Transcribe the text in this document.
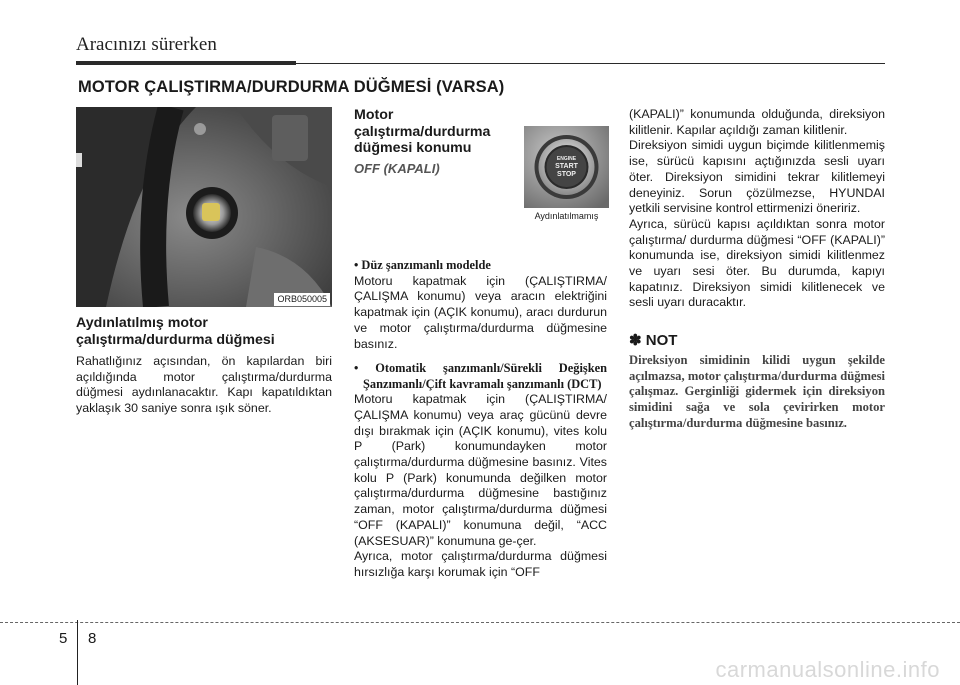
Aracınızı sürerken
MOTOR ÇALIŞTIRMA/DURDURMA DÜĞMESİ (VARSA)
ORB050005
Aydınlatılmış motor
çalıştırma/durdurma düğmesi

Rahatlığınız açısından, ön kapılardan biri açıldığında motor çalıştırma/durdurma düğmesi aydınlanacaktır. Kapı kapatıldıktan yaklaşık 30 saniye sonra ışık söner.

Motor çalıştırma/durdurma
düğmesi konumu
OFF (KAPALI)

• Düz şanzımanlı modelde

Motoru kapatmak için (ÇALIŞTIRMA/ÇALIŞMA konumu) veya aracın elektriğini kapatmak için (AÇIK konumu), aracı durdurun ve motor çalıştırma/durdurma düğmesine basınız.

• Otomatik şanzımanlı/Sürekli Değişken Şanzımanlı/Çift kavramalı şanzımanlı (DCT)

Motoru kapatmak için (ÇALIŞTIRMA/ÇALIŞMA konumu) veya araç gücünü devre dışı bırakmak için (AÇIK konumu), vites kolu P (Park) konumundayken motor çalıştırma/durdurma düğmesine basınız. Vites kolu P (Park) konumunda değilken motor çalıştırma/durdurma düğmesine bastığınız zaman, motor çalıştırma/durdurma düğmesi “OFF (KAPALI)” konumuna değil, “ACC (AKSESUAR)” konumuna ge-çer.

Ayrıca, motor çalıştırma/durdurma düğmesi hırsızlığa karşı korumak için “OFF

ENGINE
START
STOP
Aydınlatılmamış

(KAPALI)” konumunda olduğunda, direksiyon kilitlenir. Kapılar açıldığı zaman kilitlenir.

Direksiyon simidi uygun biçimde kilitlenmemiş ise, sürücü kapısını açtığınızda sesli uyarı öter. Direksiyon simidini tekrar kilitlemeyi deneyiniz. Sorun çözülmezse, HYUNDAI yetkili servisine kontrol ettirmenizi öneririz.

Ayrıca, sürücü kapısı açıldıktan sonra motor çalıştırma/ durdurma düğmesi “OFF (KAPALI)” konumunda ise, direksiyon simidi kilitlenmez ve uyarı sesi öter. Bu durumda, kapıyı kapatınız. Direksiyon simidi kilitlenecek ve sesli uyarı duracaktır.

✽ NOT
Direksiyon simidinin kilidi uygun şekilde açılmazsa, motor çalıştırma/durdurma düğmesi çalışmaz. Gerginliği gidermek için direksiyon simidini sağa ve sola çevirirken motor çalıştırma/durdurma düğmesine basınız.
5 8
carmanualsonline.info
